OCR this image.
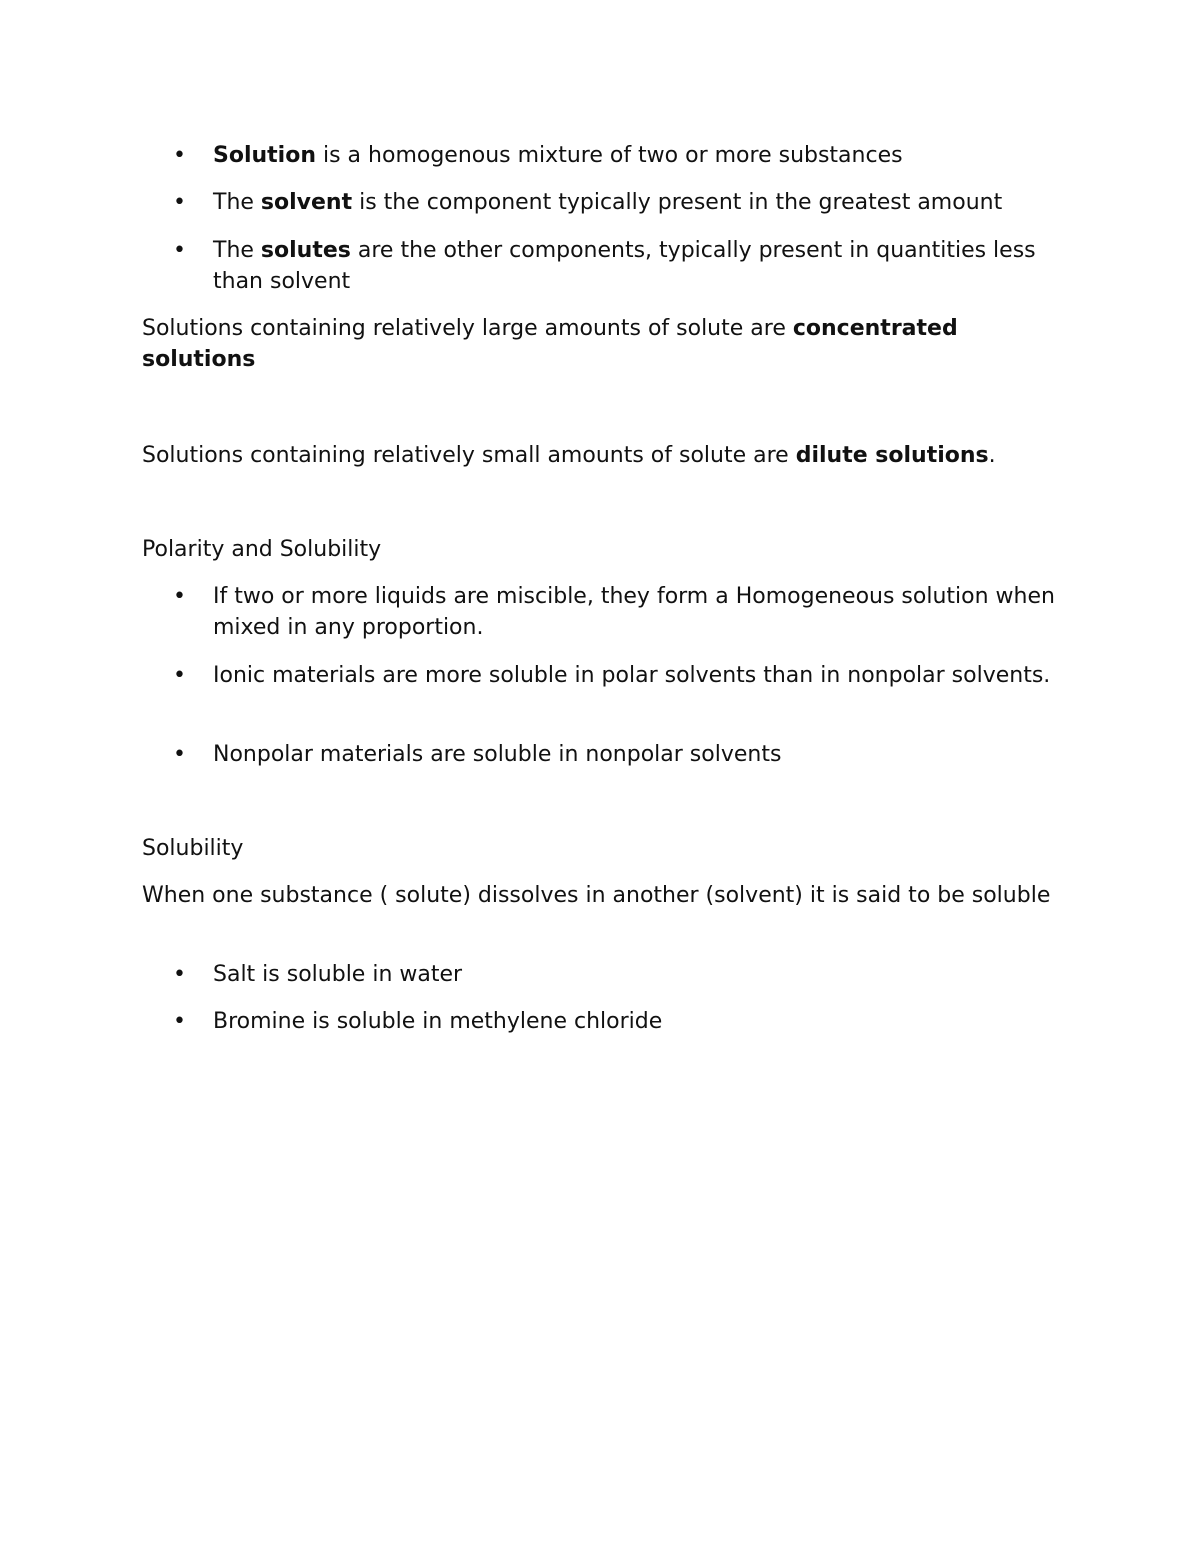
•	Solution is a homogenous mixture of two or more substances
•	The solvent is the component typically present in the greatest amount
•	The solutes are the other components, typically present in quantities less than solvent
Solutions containing relatively large amounts of solute are concentrated solutions
Solutions containing relatively small amounts of solute are dilute solutions.
Polarity and Solubility
•	If two or more liquids are miscible, they form a Homogeneous solution when mixed in any proportion.
•	Ionic materials are more soluble in polar solvents than in nonpolar solvents.
•	Nonpolar materials are soluble in nonpolar solvents
Solubility
When one substance ( solute) dissolves in another (solvent) it is said to be soluble
•	Salt is soluble in water
•	Bromine is soluble in methylene chloride
